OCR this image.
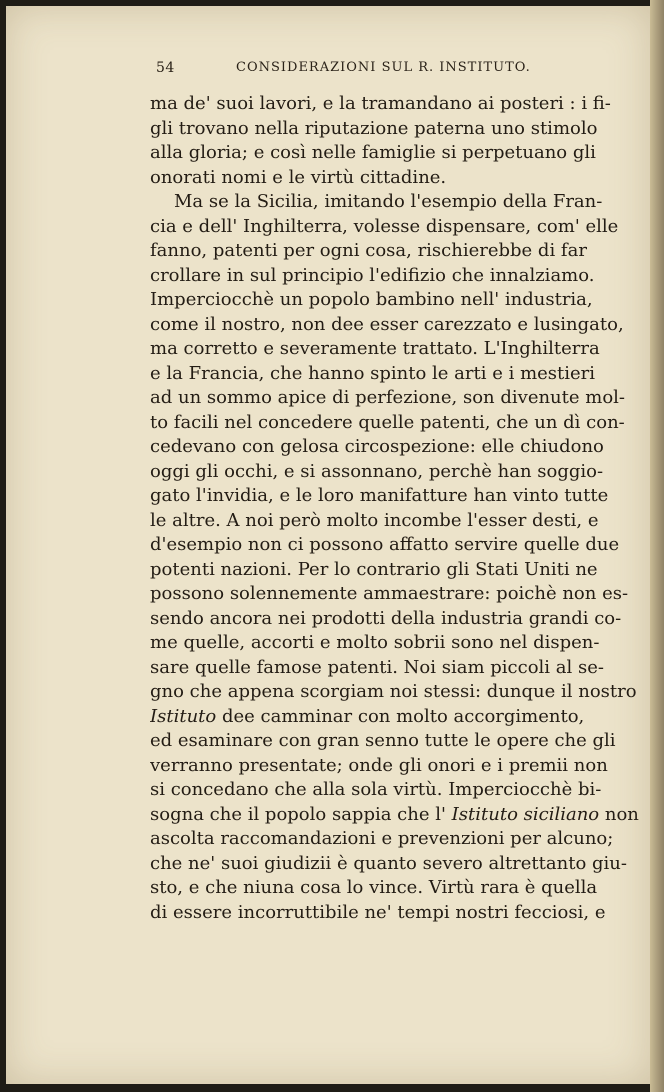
54	CONSIDERAZIONI SUL R. INSTITUTO.
ma de' suoi lavori, e la tramandano ai posteri : i fi-
gli trovano nella riputazione paterna uno stimolo
alla gloria; e così nelle famiglie si perpetuano gli
onorati nomi e le virtù cittadine.
Ma se la Sicilia, imitando l'esempio della Fran-
cia e dell' Inghilterra, volesse dispensare, com' elle
fanno, patenti per ogni cosa, rischierebbe di far
crollare in sul principio l'edifizio che innalziamo.
Imperciocchè un popolo bambino nell' industria,
come il nostro, non dee esser carezzato e lusingato,
ma corretto e severamente trattato. L'Inghilterra
e la Francia, che hanno spinto le arti e i mestieri
ad un sommo apice di perfezione, son divenute mol-
to facili nel concedere quelle patenti, che un dì con-
cedevano con gelosa circospezione: elle chiudono
oggi gli occhi, e si assonnano, perchè han soggio-
gato l'invidia, e le loro manifatture han vinto tutte
le altre. A noi però molto incombe l'esser desti, e
d'esempio non ci possono affatto servire quelle due
potenti nazioni. Per lo contrario gli Stati Uniti ne
possono solennemente ammaestrare: poichè non es-
sendo ancora nei prodotti della industria grandi co-
me quelle, accorti e molto sobrii sono nel dispen-
sare quelle famose patenti. Noi siam piccoli al se-
gno che appena scorgiam noi stessi: dunque il nostro
Istituto dee camminar con molto accorgimento,
ed esaminare con gran senno tutte le opere che gli
verranno presentate; onde gli onori e i premii non
si concedano che alla sola virtù. Imperciocchè bi-
sogna che il popolo sappia che l' Istituto siciliano non
ascolta raccomandazioni e prevenzioni per alcuno;
che ne' suoi giudizii è quanto severo altrettanto giu-
sto, e che niuna cosa lo vince. Virtù rara è quella
di essere incorruttibile ne' tempi nostri fecciosi, e
